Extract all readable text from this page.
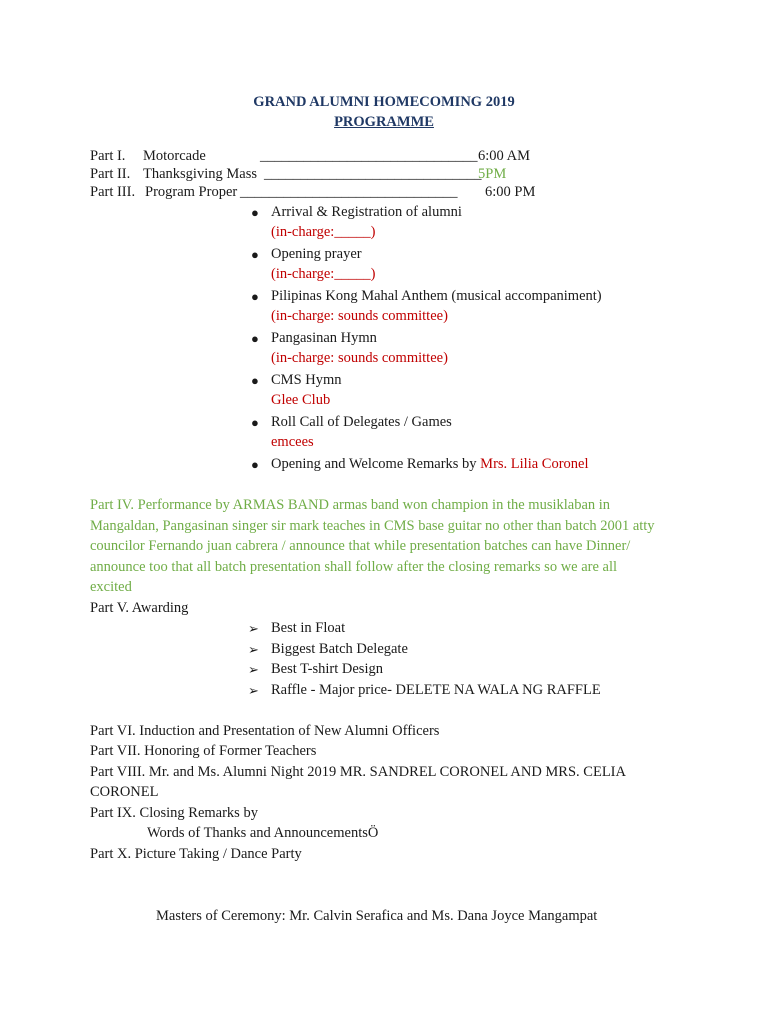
GRAND ALUMNI HOMECOMING 2019
PROGRAMME
Part I. Motorcade	______________________________ 6:00 AM
Part II. Thanksgiving Mass ______________________________
5PM
Part III. Program Proper ______________________________ 6:00 PM
● Arrival & Registration of alumni
(in-charge:_____)
● Opening prayer
(in-charge:_____)
● Pilipinas Kong Mahal Anthem (musical accompaniment)
(in-charge: sounds committee)
● Pangasinan Hymn
(in-charge: sounds committee)
● CMS Hymn
Glee Club
● Roll Call of Delegates / Games
emcees
● Opening and Welcome Remarks by Mrs. Lilia Coronel
Part IV. Performance by ARMAS BAND armas band won champion in the musiklaban in
Mangaldan, Pangasinan singer sir mark teaches in CMS base guitar no other than batch 2001 atty
councilor Fernando juan cabrera / announce that while presentation batches can have Dinner/
announce too that all batch presentation shall follow after the closing remarks so we are all
excited
Part V. Awarding
➢ Best in Float
➢ Biggest Batch Delegate
➢ Best T-shirt Design
➢ Raffle - Major price- DELETE NA WALA NG RAFFLE
Part VI. Induction and Presentation of New Alumni Officers
Part VII. Honoring of Former Teachers
Part VIII. Mr. and Ms. Alumni Night 2019 MR. SANDREL CORONEL AND MRS. CELIA
CORONEL
Part IX. Closing Remarks by
Words of Thanks and AnnouncementsÖ
Part X. Picture Taking / Dance Party
Masters of Ceremony: Mr. Calvin Serafica and Ms. Dana Joyce Mangampat
